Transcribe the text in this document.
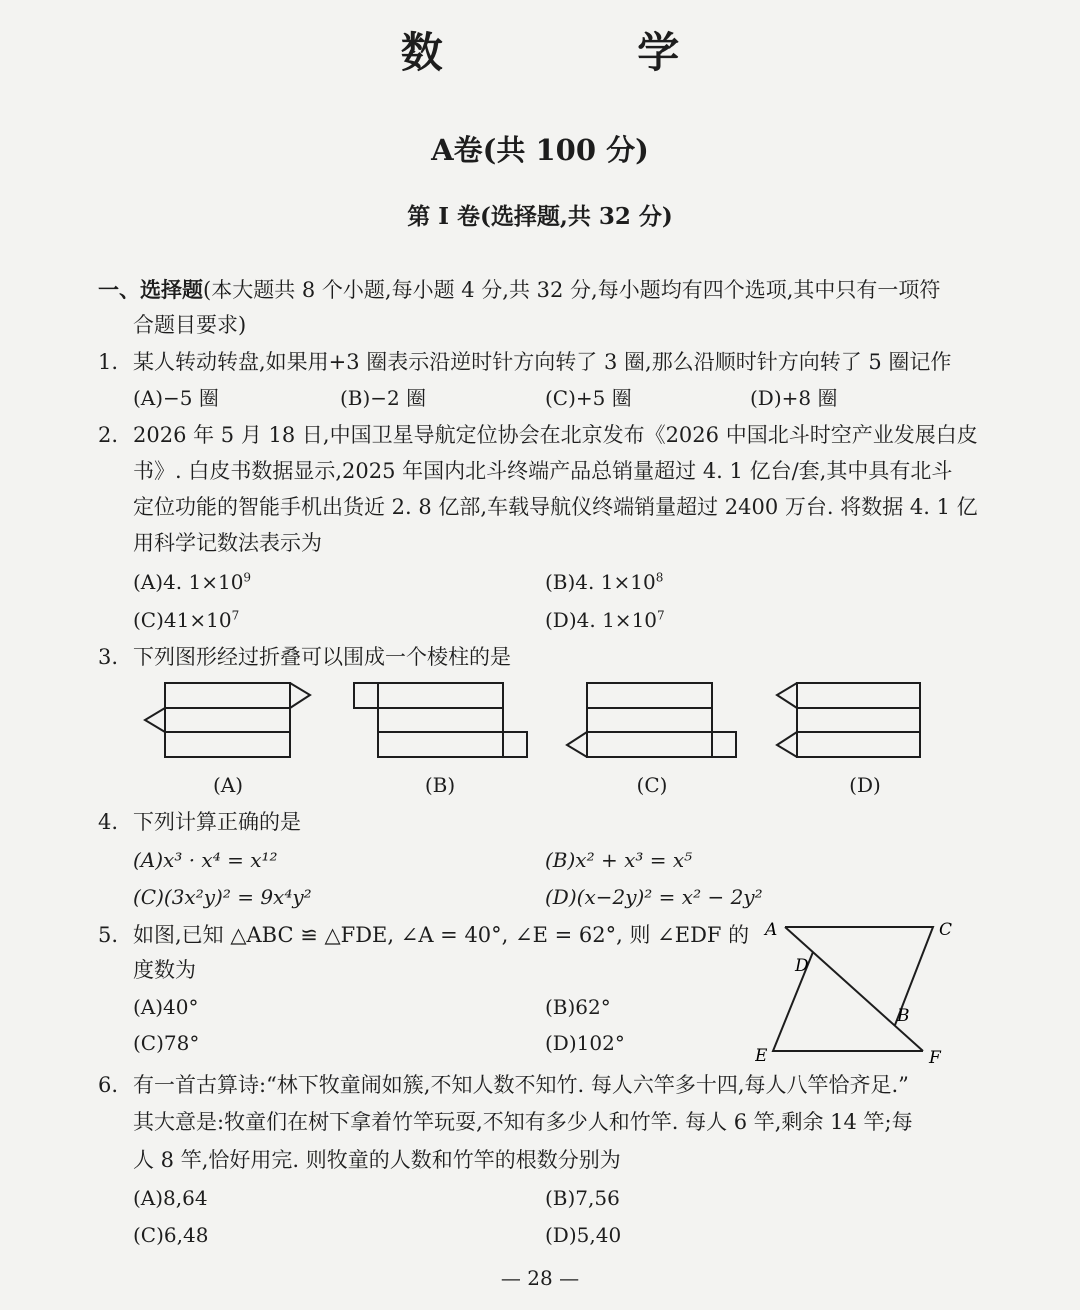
数 学
A卷(共 100 分)
第 I 卷(选择题,共 32 分)
一、选择题(本大题共 8 个小题,每小题 4 分,共 32 分,每小题均有四个选项,其中只有一项符
合题目要求)
1. 某人转动转盘,如果用+3 圈表示沿逆时针方向转了 3 圈,那么沿顺时针方向转了 5 圈记作
(A)−5 圈	(B)−2 圈	(C)+5 圈	(D)+8 圈
2. 2026 年 5 月 18 日,中国卫星导航定位协会在北京发布《2026 中国北斗时空产业发展白皮
书》. 白皮书数据显示,2025 年国内北斗终端产品总销量超过 4. 1 亿台/套,其中具有北斗
定位功能的智能手机出货近 2. 8 亿部,车载导航仪终端销量超过 2400 万台. 将数据 4. 1 亿
用科学记数法表示为
(A)4. $1\times 10^9$	(B)4. $1\times 10^8$
$(C)41\times 10^7$	(D)4. $1\times 10^7$
3. 下列图形经过折叠可以围成一个棱柱的是
(A)	(B)	(C)	(D)
4. 下列计算正确的是
(A)x³ · x⁴ = x¹²	(B)x² + x³ = x⁵
(C)(3x²y)² = 9x⁴y²	(D)(x−2y)² = x² − 2y²
5. 如图,已知 △ABC ≌ △FDE, ∠A = 40°, ∠E = 62°, 则 ∠EDF 的
度数为
(A)40°	(B)62°
(C)78°	(D)102°
A	C
D
B
E	F
6. 有一首古算诗:“林下牧童闹如簇,不知人数不知竹. 每人六竿多十四,每人八竿恰齐足.”
其大意是:牧童们在树下拿着竹竿玩耍,不知有多少人和竹竿. 每人 6 竿,剩余 14 竿;每
人 8 竿,恰好用完. 则牧童的人数和竹竿的根数分别为
(A)8,64	(B)7,56
(C)6,48	(D)5,40
— 28 —
